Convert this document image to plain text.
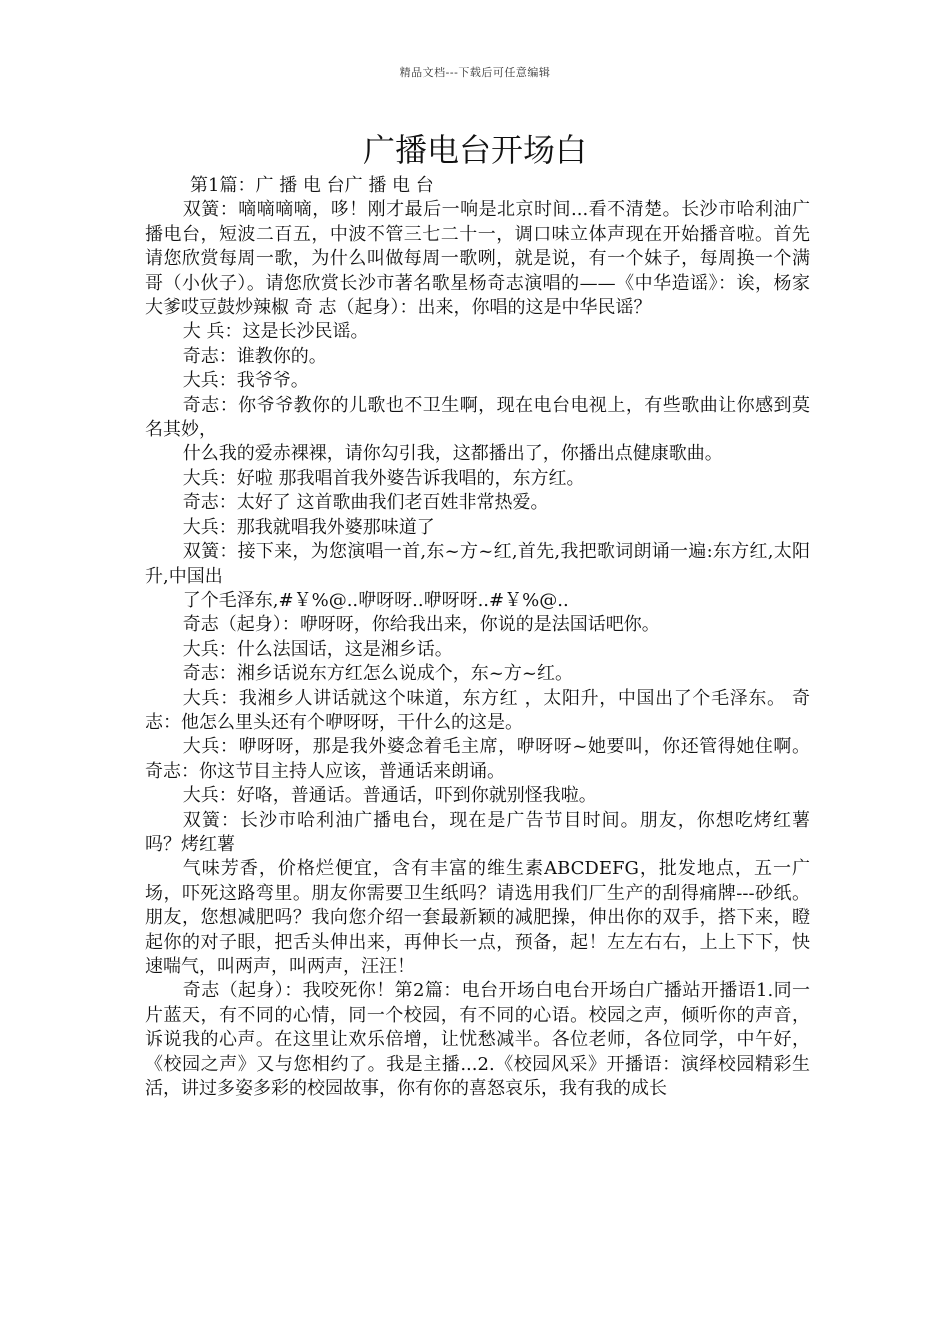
精品文档---下载后可任意编辑
广播电台开场白

第1篇：广 播 电 台广 播 电 台

双簧：嘀嘀嘀嘀，哆！刚才最后一响是北京时间...看不清楚。长沙市哈利油广播电台，短波二百五，中波不管三七二十一，调口味立体声现在开始播音啦。首先请您欣赏每周一歌，为什么叫做每周一歌咧，就是说，有一个妹子，每周换一个满哥（小伙子）。请您欣赏长沙市著名歌星杨奇志演唱的——《中华造谣》：诶，杨家大爹哎豆鼓炒辣椒 奇 志（起身）：出来，你唱的这是中华民谣？

大 兵：这是长沙民谣。

奇志：谁教你的。

大兵：我爷爷。

奇志：你爷爷教你的儿歌也不卫生啊，现在电台电视上，有些歌曲让你感到莫名其妙，

什么我的爱赤裸裸，请你勾引我，这都播出了，你播出点健康歌曲。

大兵：好啦 那我唱首我外婆告诉我唱的，东方红。

奇志：太好了 这首歌曲我们老百姓非常热爱。

大兵：那我就唱我外婆那味道了

双簧：接下来，为您演唱一首,东~方~红,首先,我把歌词朗诵一遍:东方红,太阳升,中国出

了个毛泽东,#￥%@..咿呀呀..咿呀呀..#￥%@..

奇志（起身）：咿呀呀，你给我出来，你说的是法国话吧你。

大兵：什么法国话，这是湘乡话。

奇志：湘乡话说东方红怎么说成个，东~方~红。

大兵：我湘乡人讲话就这个味道，东方红 ，太阳升，中国出了个毛泽东。 奇志：他怎么里头还有个咿呀呀，干什么的这是。

大兵：咿呀呀，那是我外婆念着毛主席，咿呀呀~她要叫，你还管得她住啊。 奇志：你这节目主持人应该，普通话来朗诵。

大兵：好咯，普通话。普通话，吓到你就别怪我啦。

双簧：长沙市哈利油广播电台，现在是广告节目时间。朋友，你想吃烤红薯吗？烤红薯

气味芳香，价格烂便宜，含有丰富的维生素ABCDEFG，批发地点，五一广场，吓死这路弯里。朋友你需要卫生纸吗？请选用我们厂生产的刮得痛牌---砂纸。朋友，您想减肥吗？我向您介绍一套最新颖的减肥操，伸出你的双手，搭下来，瞪起你的对子眼，把舌头伸出来，再伸长一点，预备，起！左左右右，上上下下，快速喘气，叫两声，叫两声，汪汪！

奇志（起身）：我咬死你！第2篇：电台开场白电台开场白广播站开播语1.同一片蓝天，有不同的心情，同一个校园，有不同的心语。校园之声，倾听你的声音，诉说我的心声。在这里让欢乐倍增，让忧愁减半。各位老师，各位同学，中午好，《校园之声》又与您相约了。我是主播...2.《校园风采》开播语：演绎校园精彩生活，讲过多姿多彩的校园故事，你有你的喜怒哀乐，我有我的成长
